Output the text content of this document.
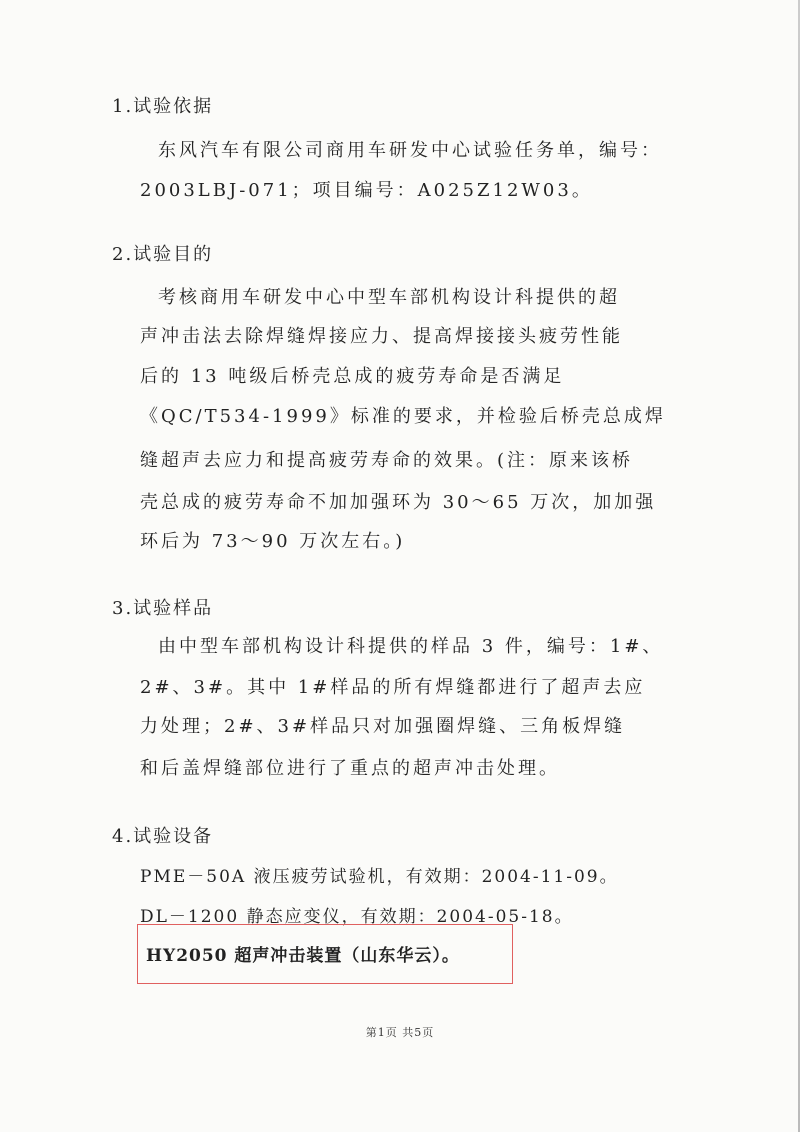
1.试验依据
东风汽车有限公司商用车研发中心试验任务单，编号：
2003LBJ-071；项目编号：A025Z12W03。
2.试验目的
考核商用车研发中心中型车部机构设计科提供的超
声冲击法去除焊缝焊接应力、提高焊接接头疲劳性能
后的 13 吨级后桥壳总成的疲劳寿命是否满足
《QC/T534-1999》标准的要求，并检验后桥壳总成焊
缝超声去应力和提高疲劳寿命的效果。(注：原来该桥
壳总成的疲劳寿命不加加强环为 30～65 万次，加加强
环后为 73～90 万次左右。)
3.试验样品
由中型车部机构设计科提供的样品 3 件，编号：1#、
2#、3#。其中 1#样品的所有焊缝都进行了超声去应
力处理；2#、3#样品只对加强圈焊缝、三角板焊缝
和后盖焊缝部位进行了重点的超声冲击处理。
4.试验设备
PME－50A 液压疲劳试验机，有效期：2004-11-09。
DL－1200 静态应变仪，有效期：2004-05-18。
HY2050 超声冲击装置（山东华云）。
第1页 共5页
